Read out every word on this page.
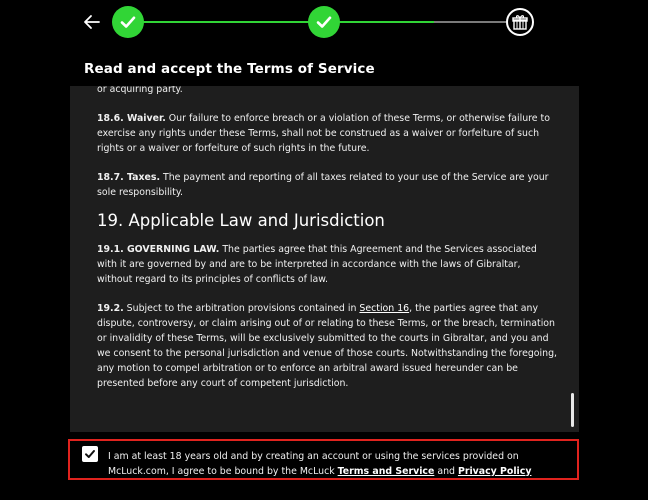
Read and accept the Terms of Service

or acquiring party.

18.6. Waiver. Our failure to enforce breach or a violation of these Terms, or otherwise failure to exercise any rights under these Terms, shall not be construed as a waiver or forfeiture of such rights or a waiver or forfeiture of such rights in the future.

18.7. Taxes. The payment and reporting of all taxes related to your use of the Service are your sole responsibility.

19. Applicable Law and Jurisdiction

19.1. GOVERNING LAW. The parties agree that this Agreement and the Services associated with it are governed by and are to be interpreted in accordance with the laws of Gibraltar, without regard to its principles of conflicts of law.

19.2. Subject to the arbitration provisions contained in Section 16, the parties agree that any dispute, controversy, or claim arising out of or relating to these Terms, or the breach, termination or invalidity of these Terms, will be exclusively submitted to the courts in Gibraltar, and you and we consent to the personal jurisdiction and venue of those courts. Notwithstanding the foregoing, any motion to compel arbitration or to enforce an arbitral award issued hereunder can be presented before any court of competent jurisdiction.

I am at least 18 years old and by creating an account or using the services provided on McLuck.com, I agree to be bound by the McLuck Terms and Service and Privacy Policy
